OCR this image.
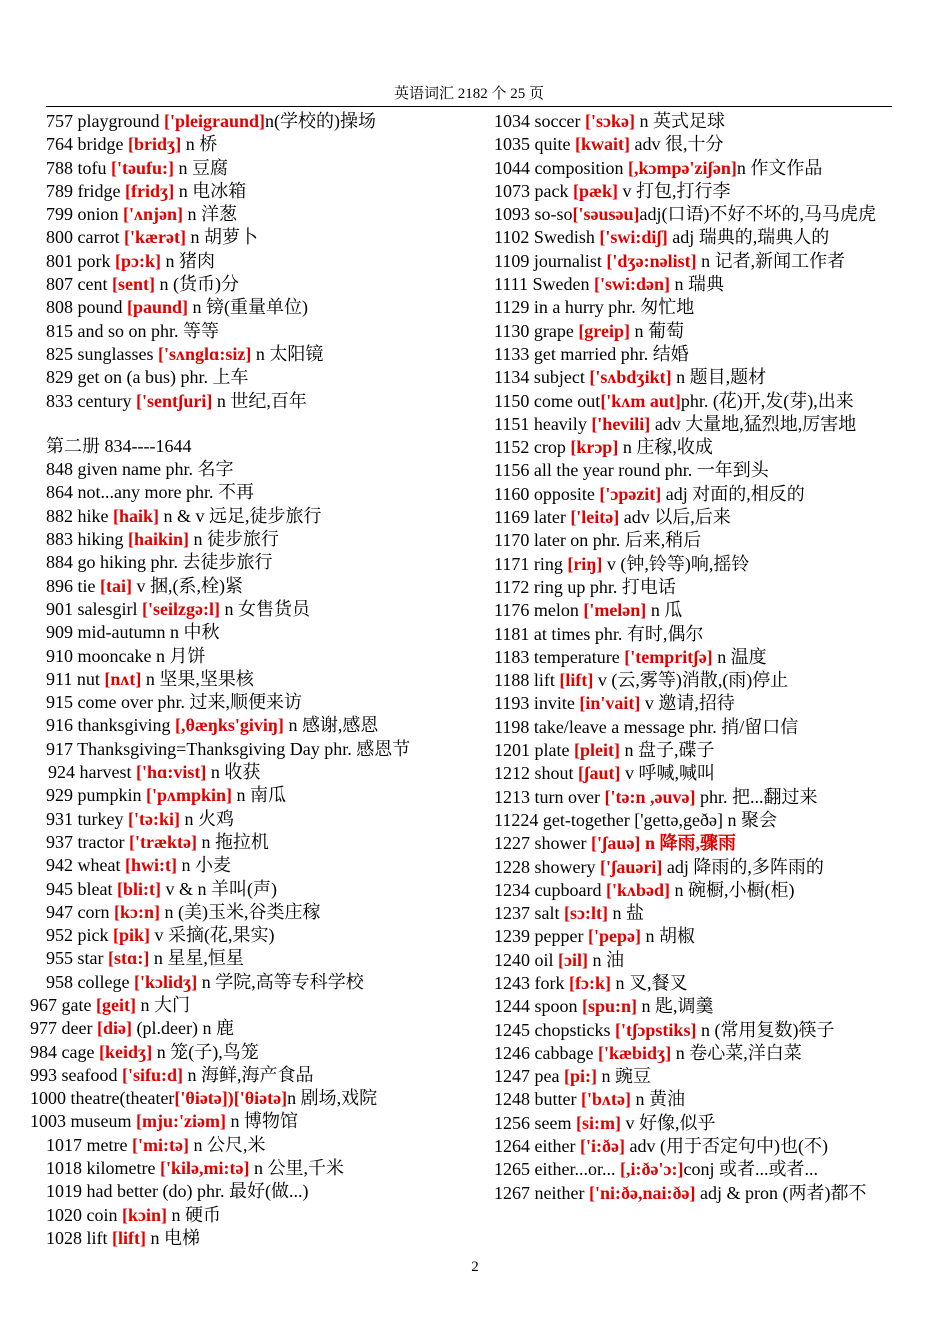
英语词汇 2182 个 25 页
757 playground ['pleigraund]n(学校的)操场
764 bridge [bridʒ] n 桥
788 tofu ['təufu:] n 豆腐
789 fridge [fridʒ] n 电冰箱
799 onion ['ʌnjən] n 洋葱
800 carrot ['kærət] n 胡萝卜
801 pork [pɔ:k] n 猪肉
807 cent [sent] n (货币)分
808 pound [paund] n 镑(重量单位)
815 and so on phr. 等等
825 sunglasses ['sʌnglɑ:siz] n 太阳镜
829 get on (a bus) phr. 上车
833 century ['sentʃuri] n 世纪,百年
第二册 834----1644
848 given name phr. 名字
864 not...any more phr. 不再
882 hike [haik] n & v 远足,徒步旅行
883 hiking [haikin] n 徒步旅行
884 go hiking phr. 去徒步旅行
896 tie [tai] v 捆,(系,栓)紧
901 salesgirl ['seilzgə:l] n 女售货员
909 mid-autumn n 中秋
910 mooncake n 月饼
911 nut [nʌt] n 坚果,坚果核
915 come over phr. 过来,顺便来访
916 thanksgiving [,θæŋks'giviŋ] n 感谢,感恩
917 Thanksgiving=Thanksgiving Day phr. 感恩节
924 harvest ['hɑ:vist] n 收获
929 pumpkin ['pʌmpkin] n 南瓜
931 turkey ['tə:ki] n 火鸡
937 tractor ['træktə] n 拖拉机
942 wheat [hwi:t] n 小麦
945 bleat [bli:t] v & n 羊叫(声)
947 corn [kɔ:n] n (美)玉米,谷类庄稼
952 pick [pik] v 采摘(花,果实)
955 star [stɑ:] n 星星,恒星
958 college ['kɔlidʒ] n 学院,高等专科学校
967 gate [geit] n 大门
977 deer [diə] (pl.deer) n 鹿
984 cage [keidʒ] n 笼(子),鸟笼
993 seafood ['sifu:d] n 海鲜,海产食品
1000 theatre(theater['θiətə])['θiətə]n 剧场,戏院
1003 museum [mju:'ziəm] n 博物馆
1017 metre ['mi:tə] n 公尺,米
1018 kilometre ['kilə,mi:tə] n 公里,千米
1019 had better (do) phr. 最好(做...)
1020 coin [kɔin] n 硬币
1028 lift [lift] n 电梯
1034 soccer ['sɔkə] n 英式足球
1035 quite [kwait] adv 很,十分
1044 composition [,kɔmpə'ziʃən]n 作文作品
1073 pack [pæk] v 打包,打行李
1093 so-so['səusəu]adj(口语)不好不坏的,马马虎虎
1102 Swedish ['swi:diʃ] adj 瑞典的,瑞典人的
1109 journalist ['dʒə:nəlist] n 记者,新闻工作者
1111 Sweden ['swi:dən] n 瑞典
1129 in a hurry phr. 匆忙地
1130 grape [greip] n 葡萄
1133 get married phr. 结婚
1134 subject ['sʌbdʒikt] n 题目,题材
1150 come out['kʌm aut]phr. (花)开,发(芽),出来
1151 heavily ['hevili] adv 大量地,猛烈地,厉害地
1152 crop [krɔp] n 庄稼,收成
1156 all the year round phr. 一年到头
1160 opposite ['ɔpəzit] adj 对面的,相反的
1169 later ['leitə] adv 以后,后来
1170 later on phr. 后来,稍后
1171 ring [riŋ] v (钟,铃等)响,摇铃
1172 ring up phr. 打电话
1176 melon ['melən] n 瓜
1181 at times phr. 有时,偶尔
1183 temperature ['tempritʃə] n 温度
1188 lift [lift] v (云,雾等)消散,(雨)停止
1193 invite [in'vait] v 邀请,招待
1198 take/leave a message phr. 捎/留口信
1201 plate [pleit] n 盘子,碟子
1212 shout [ʃaut] v 呼喊,喊叫
1213 turn over ['tə:n ,əuvə] phr. 把...翻过来
11224 get-together ['gettə,geðə] n 聚会
1227 shower ['ʃauə] n 降雨,骤雨
1228 showery ['ʃauəri] adj 降雨的,多阵雨的
1234 cupboard ['kʌbəd] n 碗橱,小橱(柜)
1237 salt [sɔ:lt] n 盐
1239 pepper ['pepə] n 胡椒
1240 oil [ɔil] n 油
1243 fork [fɔ:k] n 叉,餐叉
1244 spoon [spu:n] n 匙,调羹
1245 chopsticks ['tʃɔpstiks] n (常用复数)筷子
1246 cabbage ['kæbidʒ] n 卷心菜,洋白菜
1247 pea [pi:] n 豌豆
1248 butter ['bʌtə] n 黄油
1256 seem [si:m] v 好像,似乎
1264 either ['i:ðə] adv (用于否定句中)也(不)
1265 either...or... [,i:ðə'ɔ:]conj 或者...或者...
1267 neither ['ni:ðə,nai:ðə] adj & pron (两者)都不
2
